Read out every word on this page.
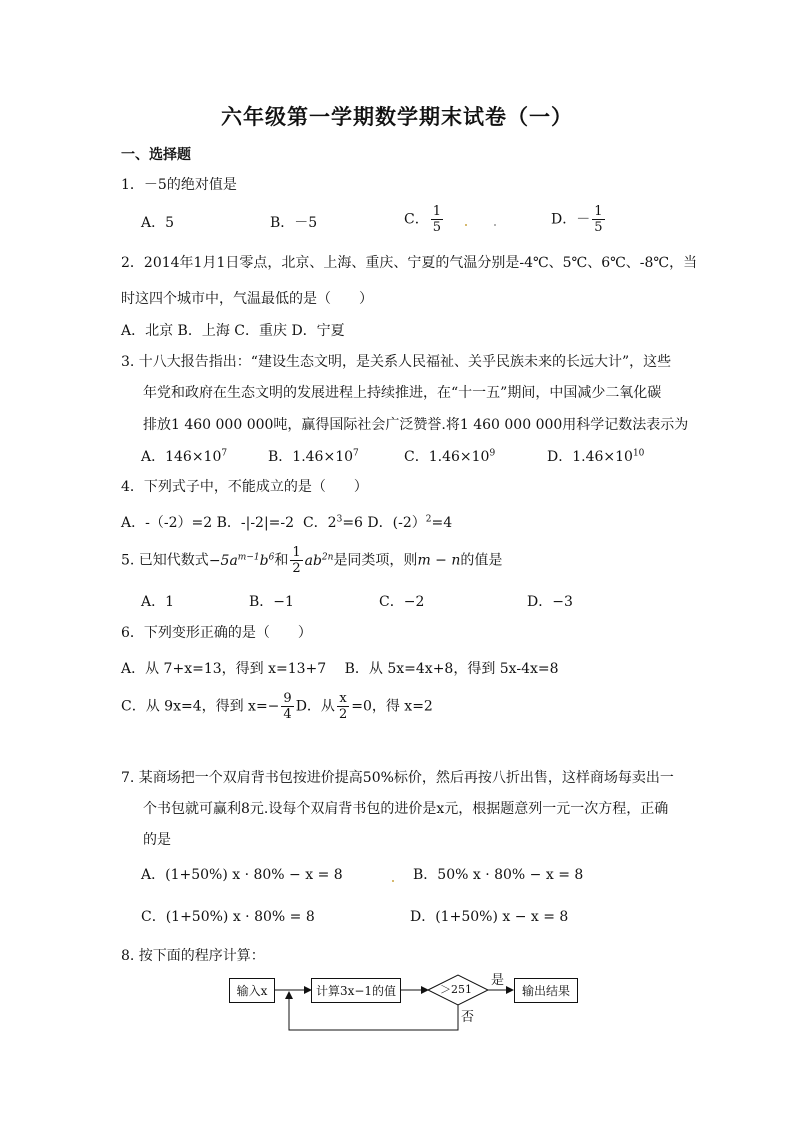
六年级第一学期数学期末试卷（一）
一、选择题
1．－5的绝对值是
A．5	B．－5	C． $\frac{1}{5}$	D．－ $\frac{1}{5}$
2．2014年1月1日零点，北京、上海、重庆、宁夏的气温分别是-4℃、5℃、6℃、-8℃，当
时这四个城市中，气温最低的是（　　）
A．北京 B．上海 C．重庆 D．宁夏
3. 十八大报告指出：“建设生态文明，是关系人民福祉、关乎民族未来的长远大计”，这些
年党和政府在生态文明的发展进程上持续推进，在“十一五”期间，中国减少二氧化碳
排放1 460 000 000吨，赢得国际社会广泛赞誉.将1 460 000 000用科学记数法表示为
A．$146\times 10^7$	B．$1.46\times 10^7$	C．$1.46\times 10^9$	D．$1.46\times 10^{10}$
4．下列式子中，不能成立的是（　　）
A．-（-2）=2 B．-|-2|=-2 C．$2^3=6$ D．(-2）$^2$=4
5. 已知代数式$-5a^{m-1}b^6$和 $\frac{1}{2} ab^{2n}$是同类项，则m − n的值是
A．1	B．−1	C．−2	D．−3
6．下列变形正确的是（　　）
A．从 7+x=13，得到 x=13+7　 B．从 5x=4x+8，得到 5x-4x=8
C．从 9x=4，得到 $x=- \frac{9}{4}$ D．从 $\frac{x}{2} =0$，得 x=2
7. 某商场把一个双肩背书包按进价提高50%标价，然后再按八折出售，这样商场每卖出一
个书包就可赢利8元.设每个双肩背书包的进价是x元，根据题意列一元一次方程，正确
的是
A．(1+50%) x · 80% − x = 8	B．50% x · 80% − x = 8
C．(1+50%) x · 80% = 8	D．(1+50%) x − x = 8
8. 按下面的程序计算：
输入x	计算3x−1的值	＞251
是
否
输出结果
